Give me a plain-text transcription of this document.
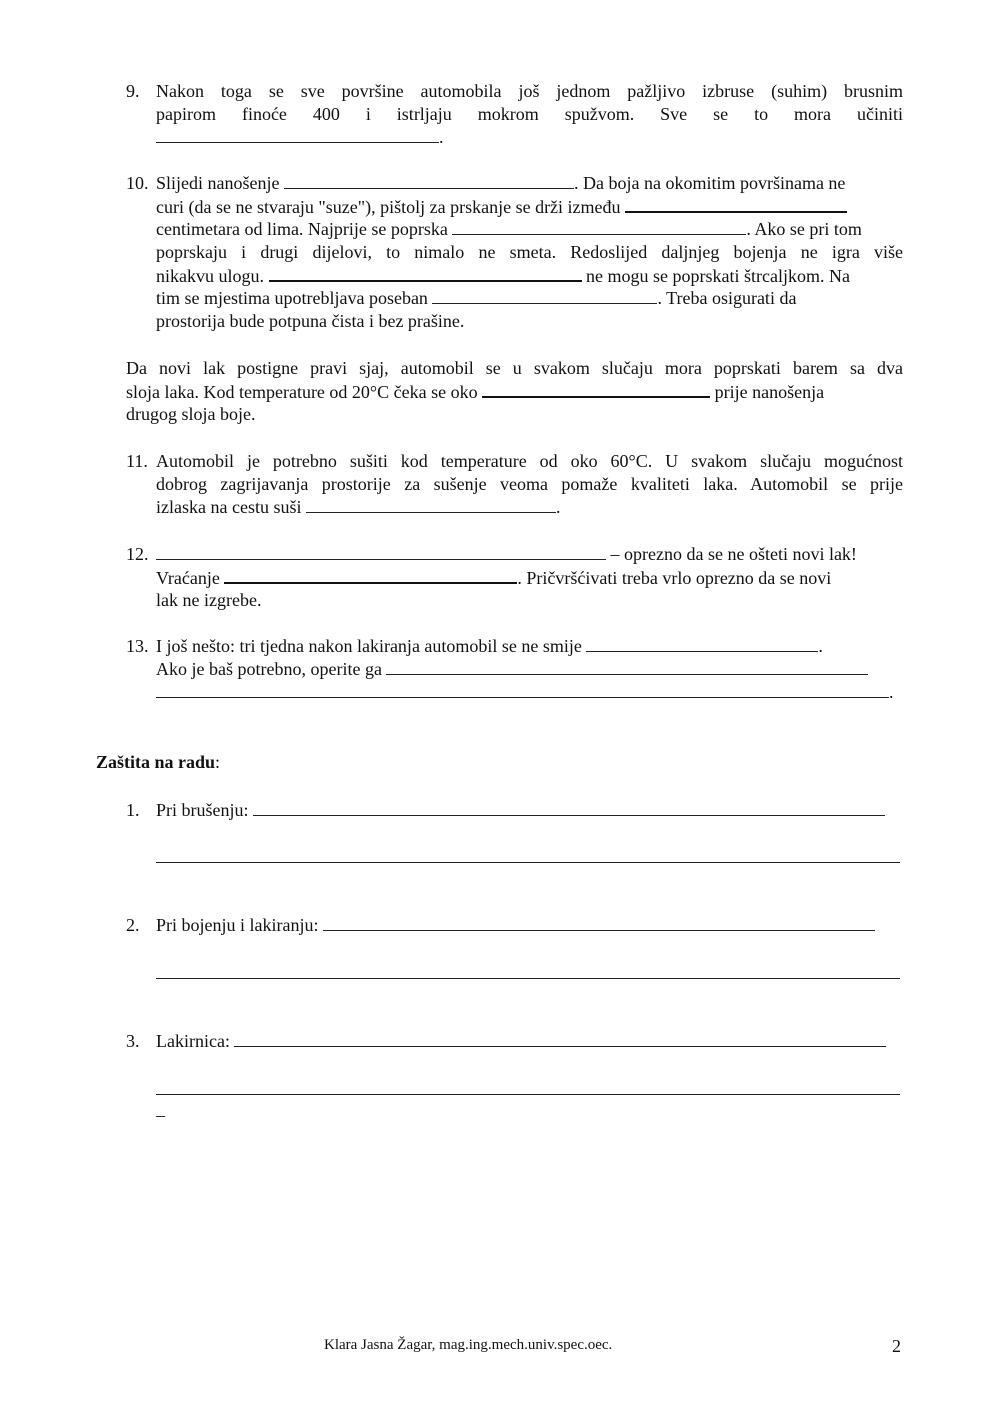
9. Nakon toga se sve površine automobila još jednom pažljivo izbruse (suhim) brusnim
papirom finoće 400 i istrljaju mokrom spužvom. Sve se to mora učiniti
.
10. Slijedi nanošenje	. Da boja na okomitim površinama ne
curi (da se ne stvaraju "suze"), pištolj za prskanje se drži između
centimetara od lima. Najprije se poprska	. Ako se pri tom
poprskaju i drugi dijelovi, to nimalo ne smeta. Redoslijed daljnjeg bojenja ne igra više
nikakvu ulogu.	ne mogu se poprskati štrcaljkom. Na
tim se mjestima upotrebljava poseban	. Treba osigurati da
prostorija bude potpuna čista i bez prašine.
Da novi lak postigne pravi sjaj, automobil se u svakom slučaju mora poprskati barem sa dva
sloja laka. Kod temperature od 20°C čeka se oko	prije nanošenja
drugog sloja boje.
11. Automobil je potrebno sušiti kod temperature od oko 60°C. U svakom slučaju mogućnost
dobrog zagrijavanja prostorije za sušenje veoma pomaže kvaliteti laka. Automobil se prije
izlaska na cestu suši	.
12.	– oprezno da se ne ošteti novi lak!
Vraćanje	. Pričvršćivati treba vrlo oprezno da se novi
lak ne izgrebe.
13. I još nešto: tri tjedna nakon lakiranja automobil se ne smije	.
Ako je baš potrebno, operite ga
.
Zaštita na radu:
1. Pri brušenju:
2. Pri bojenju i lakiranju:
3. Lakirnica:
–
Klara Jasna Žagar, mag.ing.mech.univ.spec.oec.	2
